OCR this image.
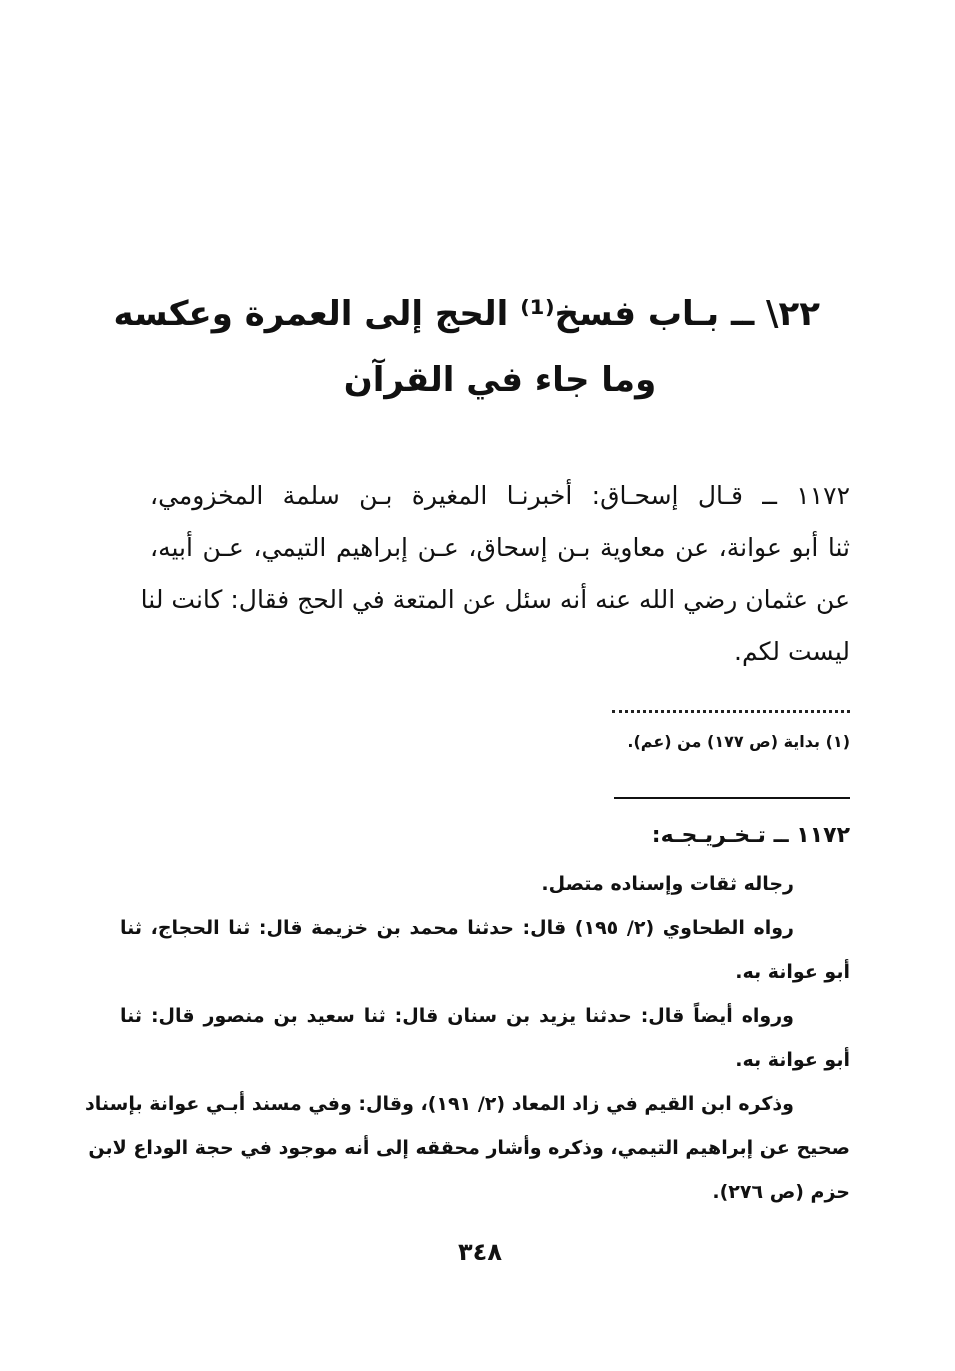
٢٢\ ــ بـاب فسخ⁽¹⁾ الحج إلى العمرة وعكسه
وما جاء في القرآن
١١٧٢ ــ قـال إسحـاق: أخبرنـا المغيرة بـن سلمة المخزومي،
ثنا أبو عوانة، عن معاوية بـن إسحاق، عـن إبراهيم التيمي، عـن أبيه،
عن عثمان رضي الله عنه أنه سئل عن المتعة في الحج فقال: كانت لنا
ليست لكم.
(١) بداية (ص ١٧٧) من (عم).
١١٧٢ ــ تـخـريـجـه:
رجاله ثقات وإسناده متصل.
رواه الطحاوي (٢/ ١٩٥) قال: حدثنا محمد بن خزيمة قال: ثنا الحجاج، ثنا
أبو عوانة به.
ورواه أيضاً قال: حدثنا يزيد بن سنان قال: ثنا سعيد بن منصور قال: ثنا
أبو عوانة به.
وذكره ابن القيم في زاد المعاد (٢/ ١٩١)، وقال: وفي مسند أبـي عوانة بإسناد
صحيح عن إبراهيم التيمي، وذكره وأشار محققه إلى أنه موجود في حجة الوداع لابن
حزم (ص ٢٧٦).
٣٤٨
